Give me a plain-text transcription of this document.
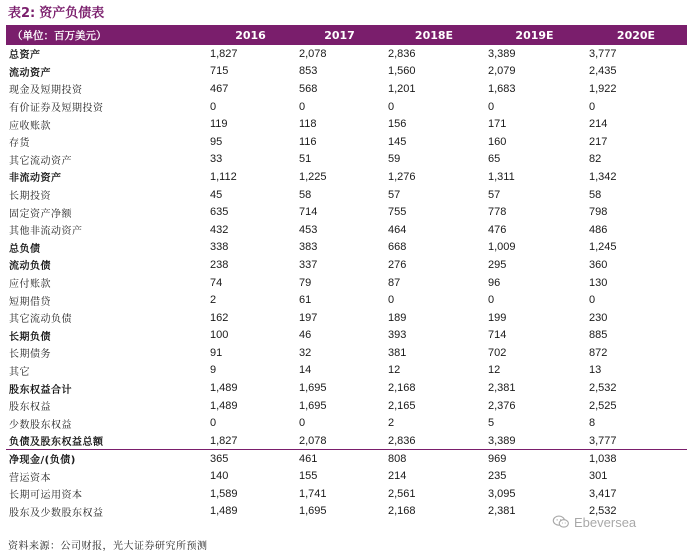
表2: 资产负债表
（单位：百万美元）	2016	2017	2018E	2019E	2020E
总资产	1,827	2,078	2,836	3,389	3,777
流动资产	715	853	1,560	2,079	2,435
现金及短期投资	467	568	1,201	1,683	1,922
有价证券及短期投资	0	0	0	0	0
应收账款	119	118	156	171	214
存货	95	116	145	160	217
其它流动资产	33	51	59	65	82
非流动资产	1,112	1,225	1,276	1,311	1,342
长期投资	45	58	57	57	58
固定资产净额	635	714	755	778	798
其他非流动资产	432	453	464	476	486
总负债	338	383	668	1,009	1,245
流动负债	238	337	276	295	360
应付账款	74	79	87	96	130
短期借贷	2	61	0	0	0
其它流动负债	162	197	189	199	230
长期负债	100	46	393	714	885
长期债务	91	32	381	702	872
其它	9	14	12	12	13
股东权益合计	1,489	1,695	2,168	2,381	2,532
股东权益	1,489	1,695	2,165	2,376	2,525
少数股东权益	0	0	2	5	8
负债及股东权益总额	1,827	2,078	2,836	3,389	3,777
净现金/(负债)	365	461	808	969	1,038
营运资本	140	155	214	235	301
长期可运用资本	1,589	1,741	2,561	3,095	3,417
股东及少数股东权益	1,489	1,695	2,168	2,381	2,532
资料来源：公司财报，光大证券研究所预测
Ebeversea
